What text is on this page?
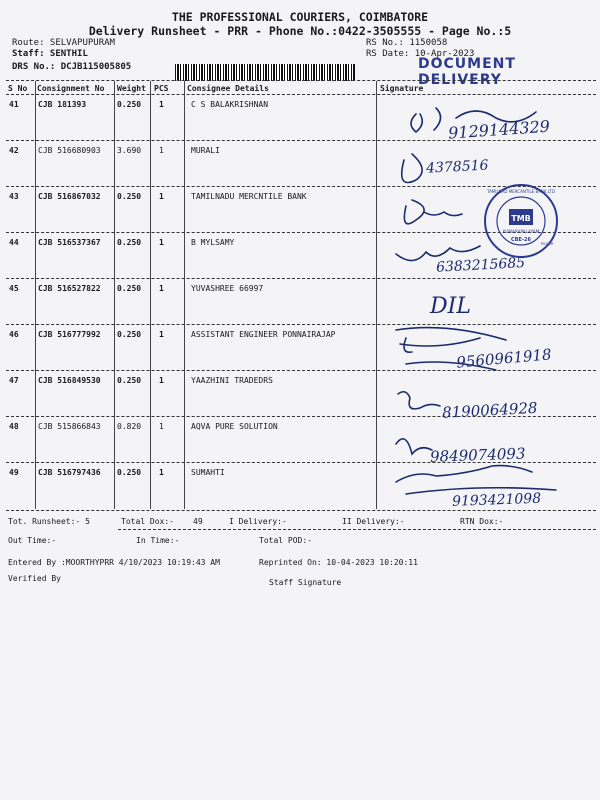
THE PROFESSIONAL COURIERS, COIMBATORE
Delivery Runsheet - PRR - Phone No.:0422-3505555 - Page No.:5
Route: SELVAPUPURAM
Staff: SENTHIL
DRS No.: DCJB115005805
RS No.: 1150058
RS Date: 10-Apr-2023
DOCUMENT DELIVERY
S No Consignment No Weight PCS Consignee Details	Signature
41 CJB 181393	0.250 1	C S BALAKRISHNAN
42 CJB 516680903 3.690 1	MURALI
43 CJB 516867032 0.250 1	TAMILNADU MERCNTILE BANK
44 CJB 516537367 0.250 1	B MYLSAMY
45 CJB 516527822 0.250 1	YUVASHREE 66997
46 CJB 516777992 0.250 1	ASSISTANT ENGINEER PONNAIRAJAP
47 CJB 516849530 0.250 1	YAAZHINI TRADEDRS
48 CJB 515866843 0.820 1	AQVA PURE SOLUTION
49 CJB 516797436 0.250 1	SUMAHTI
9129144329
4378516
6383215685
DIL
9560961918
8190064928
9849074093
9193421098
TMB
KUMARAPALAYAM
CBE-26
TAMILNAD MERCANTILE BANK LTD
PUDUR
Tot. Runsheet:- 5	Total Dox:- 49	I Delivery:-	II Delivery:-	RTN Dox:-
Out Time:-	In Time:-	Total POD:-
Entered By :MOORTHYPRR 4/10/2023 10:19:43 AM	Reprinted On: 10-04-2023 10:20:11
Verified By	Staff Signature
